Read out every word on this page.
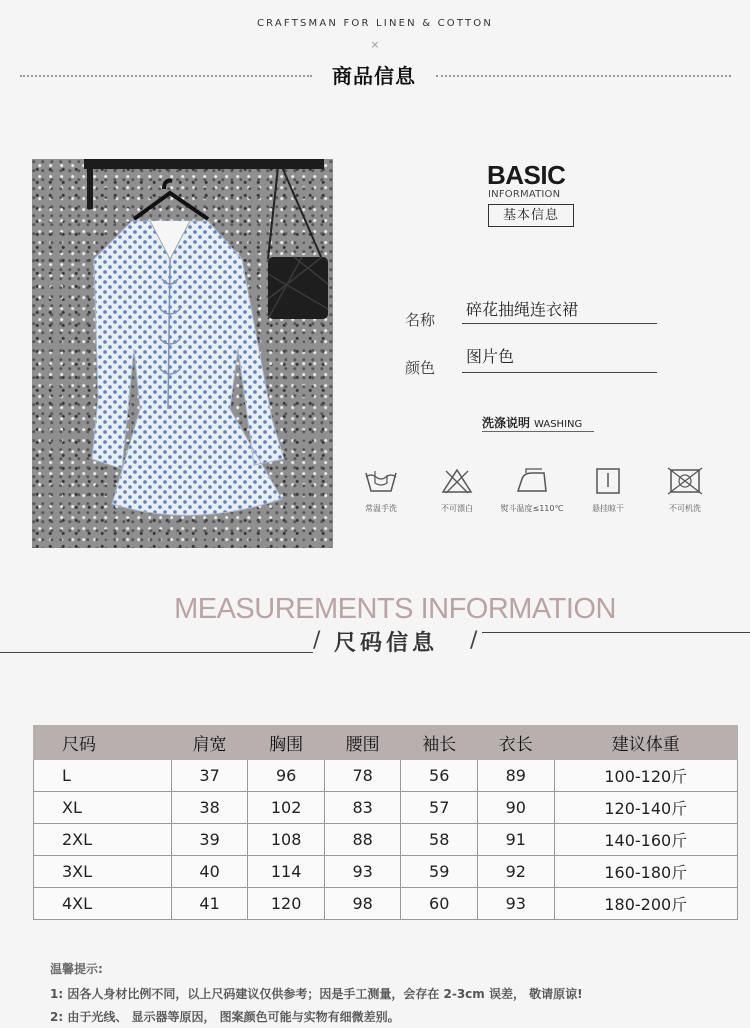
CRAFTSMAN FOR LINEN & COTTON
×
商品信息
BASIC
INFORMATION
基本信息
名称
碎花抽绳连衣裙
颜色
图片色
洗涤说明 WASHING
常温手洗	不可漂白	熨斗温度≤110℃	悬挂晾干	不可机洗
MEASUREMENTS INFORMATION
/ 尺码信息 /
尺码	肩宽	胸围	腰围	袖长	衣长	建议体重
L	37	96	78	56	89	100-120斤
XL	38	102	83	57	90	120-140斤
2XL	39	108	88	58	91	140-160斤
3XL	40	114	93	59	92	160-180斤
4XL	41	120	98	60	93	180-200斤
温馨提示:
1: 因各人身材比例不同，以上尺码建议仅供参考；因是手工测量，会存在 2-3cm 误差， 敬请原谅!
2: 由于光线、 显示器等原因， 图案颜色可能与实物有细微差别。
